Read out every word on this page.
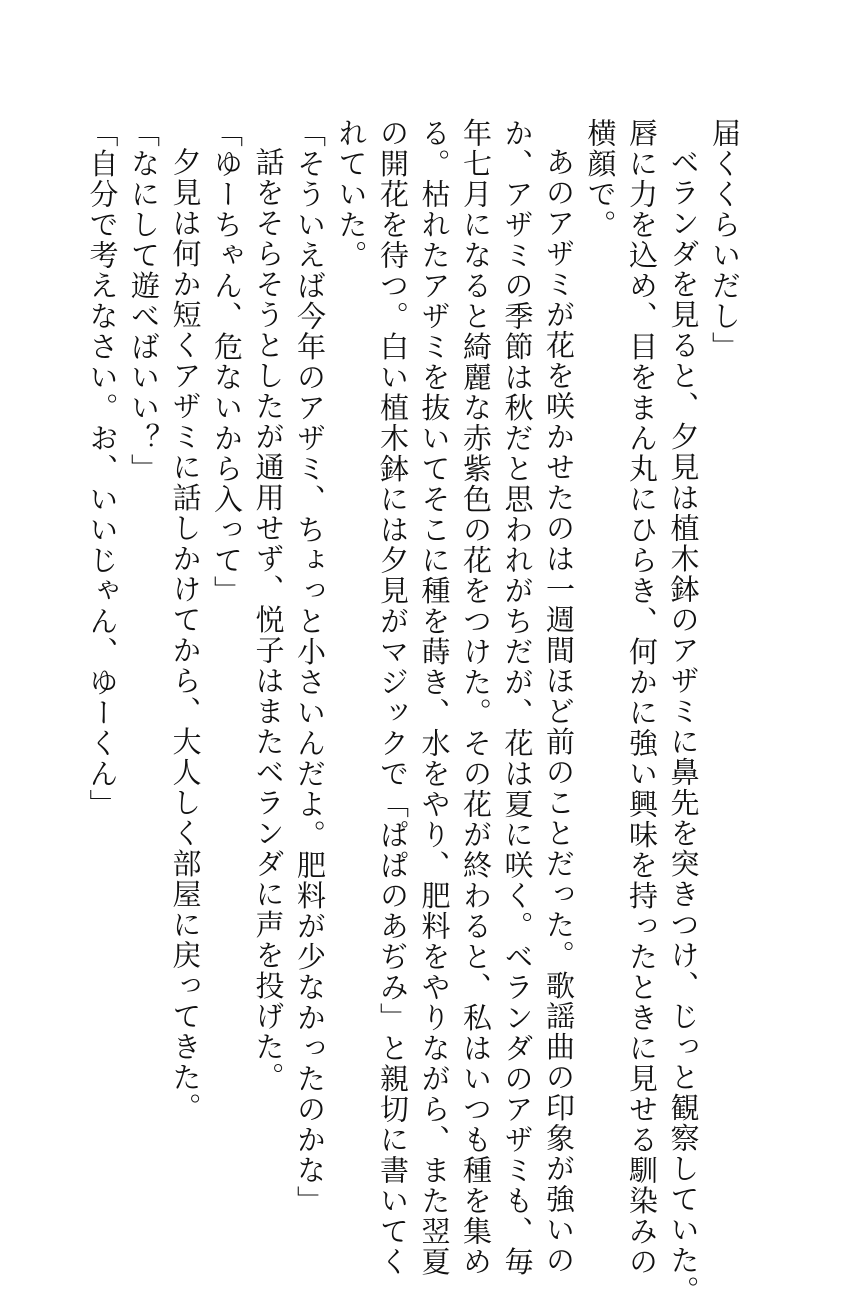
届くくらいだし」

ベランダを見ると、夕見は植木鉢のアザミに鼻先を突きつけ、じっと観察していた。

唇に力を込め、目をまん丸にひらき、何かに強い興味を持ったときに見せる馴染みの

横顔で。

あのアザミが花を咲かせたのは一週間ほど前のことだった。歌謡曲の印象が強いの

か、アザミの季節は秋だと思われがちだが、花は夏に咲く。ベランダのアザミも、毎

年七月になると綺麗な赤紫色の花をつけた。その花が終わると、私はいつも種を集め

る。枯れたアザミを抜いてそこに種を蒔き、水をやり、肥料をやりながら、また翌夏

の開花を待つ。白い植木鉢には夕見がマジックで「ぱぱのあぢみ」と親切に書いてく

れていた。

「そういえば今年のアザミ、ちょっと小さいんだよ。肥料が少なかったのかな」

話をそらそうとしたが通用せず、悦子はまたベランダに声を投げた。

「ゆーちゃん、危ないから入って」

夕見は何か短くアザミに話しかけてから、大人しく部屋に戻ってきた。

「なにして遊べばいい？」

「自分で考えなさい。お、いいじゃん、ゆーくん」
